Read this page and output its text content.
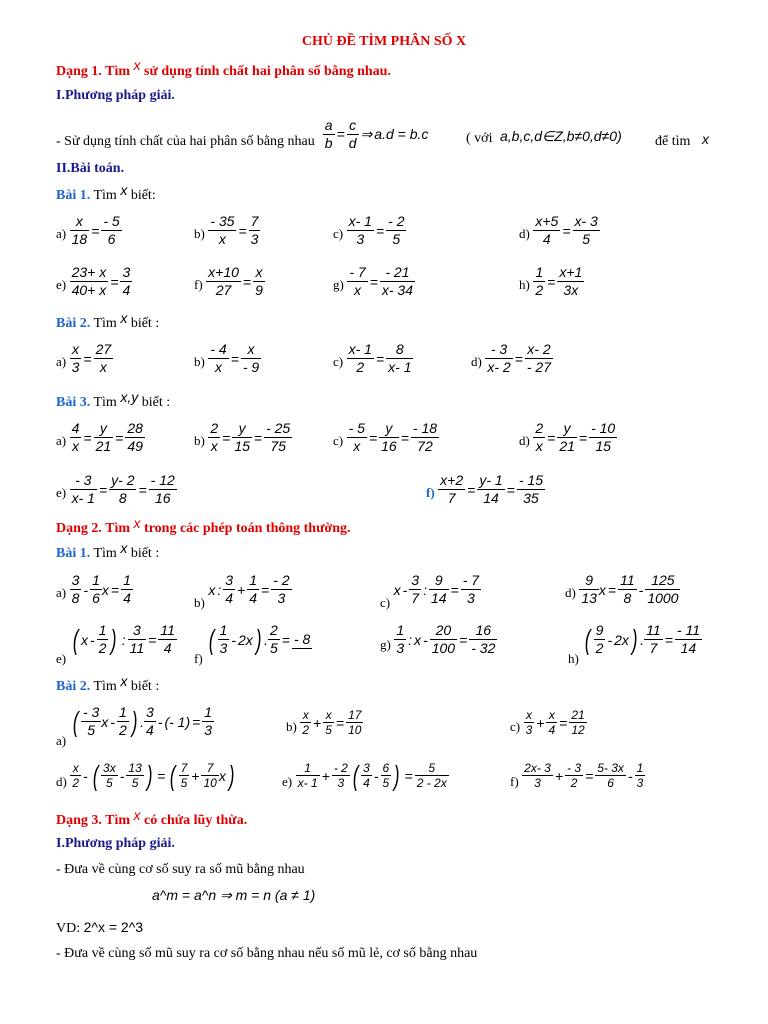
CHỦ ĐỀ TÌM PHÂN SỐ X
Dạng 1. Tìm x sử dụng tính chất hai phân số bằng nhau.
I.Phương pháp giải.
- Sử dụng tính chất của hai phân số bằng nhau $\frac{a}{b} = \frac{c}{d}$ ⇒ a.d = b.c	( với a,b,c,d∈Z,b≠0,d≠0) để tìm x
II.Bài toán.
Bài 1. Tìm x biết:
$a) \frac{x}{18} = \frac{- 5}{6}$	$b) \frac{- 35}{x} = \frac{7}{3}$	$c) \frac{x- 1}{3} = \frac{- 2}{5}$	$d) \frac{x+5}{4} = \frac{x- 3}{5}$
$e) \frac{23+ x}{40+ x} = \frac{3}{4}$	$f) \frac{x+10}{27} = \frac{x}{9}$	$g) \frac{- 7}{x} = \frac{- 21}{x- 34}$	$h) \frac{1}{2} = \frac{x+1}{3x}$
Bài 2. Tìm x biết :
$a) \frac{x}{3} = \frac{27}{x}$	$b) \frac{- 4}{x} = \frac{x}{- 9}$	$c) \frac{x- 1}{2} = \frac{8}{x- 1}$	$d) \frac{- 3}{x- 2} = \frac{x- 2}{- 27}$
Bài 3. Tìm x,y biết :
$a) \frac{4}{x} = \frac{y}{21} = \frac{28}{49}$	$b) \frac{2}{x} = \frac{y}{15} = \frac{- 25}{75}$	$c) \frac{- 5}{x} = \frac{y}{16} = \frac{- 18}{72}$	$d) \frac{2}{x} = \frac{y}{21} = \frac{- 10}{15}$
$e) \frac{- 3}{x- 1} = \frac{y- 2}{8} = \frac{- 12}{16}$	$f) \frac{x+2}{7} = \frac{y- 1}{14} = \frac{- 15}{35}$
Dạng 2. Tìm x trong các phép toán thông thường.
Bài 1. Tìm x biết :
$a) \frac{3}{8} - \frac{1}{6}$ $x = \frac{1}{4}$	b)
x : $\frac{3}{4} + \frac{1}{4} = \frac{- 2}{3}$	c)
x - $\frac{3}{7}$ : $\frac{9}{14} = \frac{- 7}{3}$	$d) \frac{9}{13}$ $x = \frac{11}{8} - \frac{125}{1000}$
e)
( x - $\frac{1}{2}$ ) : $\frac{3}{11} = \frac{11}{4}$
f)
( $\frac{1}{3} - 2x$ ) . $\frac{2}{5}$ = - 8	$g) \frac{1}{3}$ : $x - \frac{20}{100} = \frac{16}{- 32}$
h)
( $\frac{9}{2} - 2x$ ) . $\frac{11}{7} = \frac{- 11}{14}$
Bài 2. Tìm x biết :
a)
( $\frac{- 3}{5}$ x - $\frac{1}{2}$ ) . $\frac{3}{4}$ - (- $1) = \frac{1}{3}$	$b) \frac{x}{2} + \frac{x}{5} = \frac{17}{10}$	$c) \frac{x}{3} + \frac{x}{4} = \frac{21}{12}$
$d) \frac{x}{2}$ - ( $\frac{3x}{5} - \frac{13}{5}$ ) = ( $\frac{7}{5} + \frac{7}{10}$ x )	$e) \frac{1}{x- 1} + \frac{- 2}{3}$ ( $\frac{3}{4} - \frac{6}{5}$ ) = $\frac{5}{2 - 2x}$	$f) \frac{2x- 3}{3} + \frac{- 3}{2} = \frac{5- 3x}{6} - \frac{1}{3}$
Dạng 3. Tìm x có chứa lũy thừa.
I.Phương pháp giải.
- Đưa về cùng cơ số suy ra số mũ bằng nhau
a^m = a^n ⇒ m = n (a ≠ 1)
VD: 2^x = 2^3
- Đưa về cùng số mũ suy ra cơ số bằng nhau nếu số mũ lẻ, cơ số bằng nhau
